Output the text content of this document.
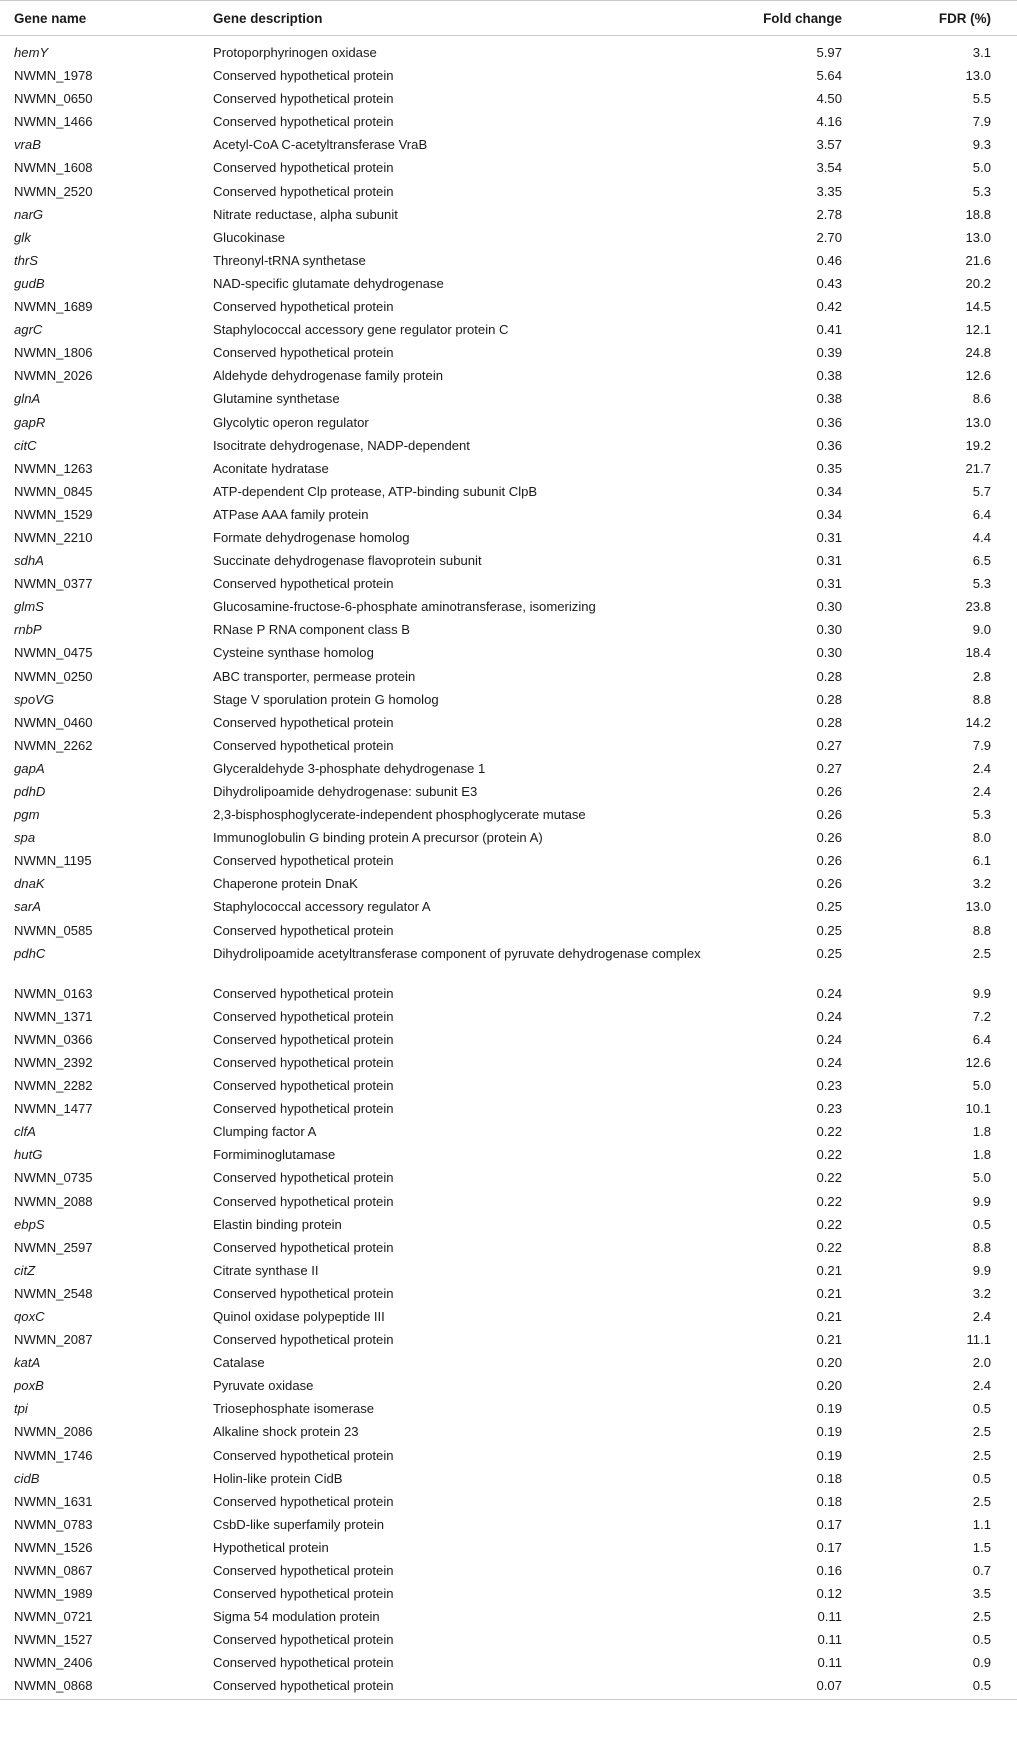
Gene name	Gene description	Fold change	FDR (%)

hemY	Protoporphyrinogen oxidase	5.97	3.1
NWMN_1978	Conserved hypothetical protein	5.64	13.0
NWMN_0650	Conserved hypothetical protein	4.50	5.5
NWMN_1466	Conserved hypothetical protein	4.16	7.9
vraB	Acetyl-CoA C-acetyltransferase VraB	3.57	9.3
NWMN_1608	Conserved hypothetical protein	3.54	5.0
NWMN_2520	Conserved hypothetical protein	3.35	5.3
narG	Nitrate reductase, alpha subunit	2.78	18.8
glk	Glucokinase	2.70	13.0
thrS	Threonyl-tRNA synthetase	0.46	21.6
gudB	NAD-specific glutamate dehydrogenase	0.43	20.2
NWMN_1689	Conserved hypothetical protein	0.42	14.5
agrC	Staphylococcal accessory gene regulator protein C	0.41	12.1
NWMN_1806	Conserved hypothetical protein	0.39	24.8
NWMN_2026	Aldehyde dehydrogenase family protein	0.38	12.6
glnA	Glutamine synthetase	0.38	8.6
gapR	Glycolytic operon regulator	0.36	13.0
citC	Isocitrate dehydrogenase, NADP-dependent	0.36	19.2
NWMN_1263	Aconitate hydratase	0.35	21.7
NWMN_0845	ATP-dependent Clp protease, ATP-binding subunit ClpB	0.34	5.7
NWMN_1529	ATPase AAA family protein	0.34	6.4
NWMN_2210	Formate dehydrogenase homolog	0.31	4.4
sdhA	Succinate dehydrogenase flavoprotein subunit	0.31	6.5
NWMN_0377	Conserved hypothetical protein	0.31	5.3
glmS	Glucosamine-fructose-6-phosphate aminotransferase, isomerizing	0.30	23.8
rnbP	RNase P RNA component class B	0.30	9.0
NWMN_0475	Cysteine synthase homolog	0.30	18.4
NWMN_0250	ABC transporter, permease protein	0.28	2.8
spoVG	Stage V sporulation protein G homolog	0.28	8.8
NWMN_0460	Conserved hypothetical protein	0.28	14.2
NWMN_2262	Conserved hypothetical protein	0.27	7.9
gapA	Glyceraldehyde 3-phosphate dehydrogenase 1	0.27	2.4
pdhD	Dihydrolipoamide dehydrogenase: subunit E3	0.26	2.4
pgm	2,3-bisphosphoglycerate-independent phosphoglycerate mutase	0.26	5.3
spa	Immunoglobulin G binding protein A precursor (protein A)	0.26	8.0
NWMN_1195	Conserved hypothetical protein	0.26	6.1
dnaK	Chaperone protein DnaK	0.26	3.2
sarA	Staphylococcal accessory regulator A	0.25	13.0
NWMN_0585	Conserved hypothetical protein	0.25	8.8
pdhC	Dihydrolipoamide acetyltransferase component of pyruvate dehydrogenase complex	0.25	2.5
NWMN_0163	Conserved hypothetical protein	0.24	9.9
NWMN_1371	Conserved hypothetical protein	0.24	7.2
NWMN_0366	Conserved hypothetical protein	0.24	6.4
NWMN_2392	Conserved hypothetical protein	0.24	12.6
NWMN_2282	Conserved hypothetical protein	0.23	5.0
NWMN_1477	Conserved hypothetical protein	0.23	10.1
clfA	Clumping factor A	0.22	1.8
hutG	Formiminoglutamase	0.22	1.8
NWMN_0735	Conserved hypothetical protein	0.22	5.0
NWMN_2088	Conserved hypothetical protein	0.22	9.9
ebpS	Elastin binding protein	0.22	0.5
NWMN_2597	Conserved hypothetical protein	0.22	8.8
citZ	Citrate synthase II	0.21	9.9
NWMN_2548	Conserved hypothetical protein	0.21	3.2
qoxC	Quinol oxidase polypeptide III	0.21	2.4
NWMN_2087	Conserved hypothetical protein	0.21	11.1
katA	Catalase	0.20	2.0
poxB	Pyruvate oxidase	0.20	2.4
tpi	Triosephosphate isomerase	0.19	0.5
NWMN_2086	Alkaline shock protein 23	0.19	2.5
NWMN_1746	Conserved hypothetical protein	0.19	2.5
cidB	Holin-like protein CidB	0.18	0.5
NWMN_1631	Conserved hypothetical protein	0.18	2.5
NWMN_0783	CsbD-like superfamily protein	0.17	1.1
NWMN_1526	Hypothetical protein	0.17	1.5
NWMN_0867	Conserved hypothetical protein	0.16	0.7
NWMN_1989	Conserved hypothetical protein	0.12	3.5
NWMN_0721	Sigma 54 modulation protein	0.11	2.5
NWMN_1527	Conserved hypothetical protein	0.11	0.5
NWMN_2406	Conserved hypothetical protein	0.11	0.9
NWMN_0868	Conserved hypothetical protein	0.07	0.5
